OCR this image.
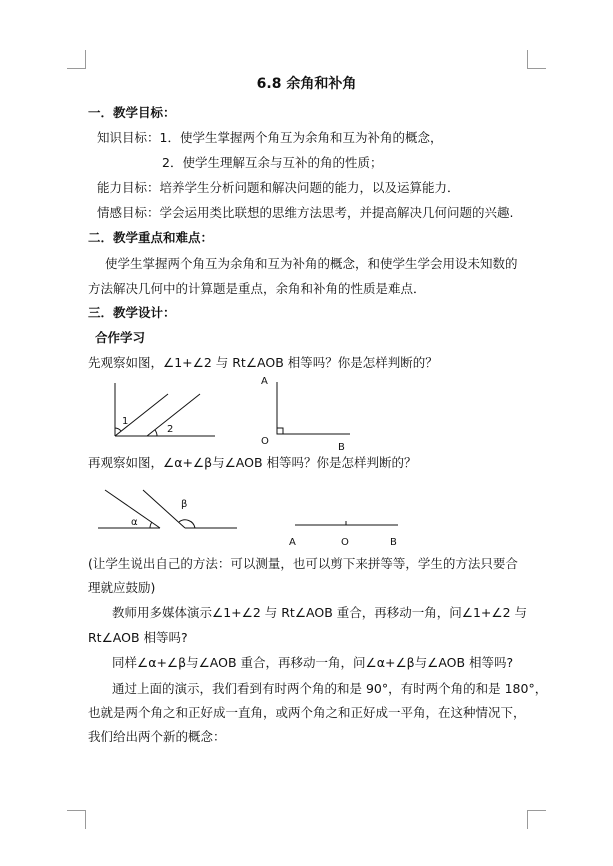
6.8 余角和补角
一．教学目标：
知识目标：1．使学生掌握两个角互为余角和互为补角的概念，
2．使学生理解互余与互补的角的性质；
能力目标：培养学生分析问题和解决问题的能力，以及运算能力．
情感目标：学会运用类比联想的思维方法思考，并提高解决几何问题的兴趣.
二．教学重点和难点：
使学生掌握两个角互为余角和互为补角的概念，和使学生学会用设未知数的
方法解决几何中的计算题是重点，余角和补角的性质是难点．
三．教学设计：
合作学习
先观察如图，∠1+∠2 与 Rt∠AOB 相等吗？你是怎样判断的？
1
2
A
O
B
再观察如图，∠α+∠β与∠AOB 相等吗？你是怎样判断的？
α
β
A	O	B
(让学生说出自己的方法：可以测量，也可以剪下来拼等等，学生的方法只要合
理就应鼓励)
教师用多媒体演示∠1+∠2 与 Rt∠AOB 重合，再移动一角，问∠1+∠2 与
Rt∠AOB 相等吗?
同样∠α+∠β与∠AOB 重合，再移动一角，问∠α+∠β与∠AOB 相等吗?
通过上面的演示，我们看到有时两个角的和是 90°，有时两个角的和是 180°，
也就是两个角之和正好成一直角，或两个角之和正好成一平角，在这种情况下，
我们给出两个新的概念：
